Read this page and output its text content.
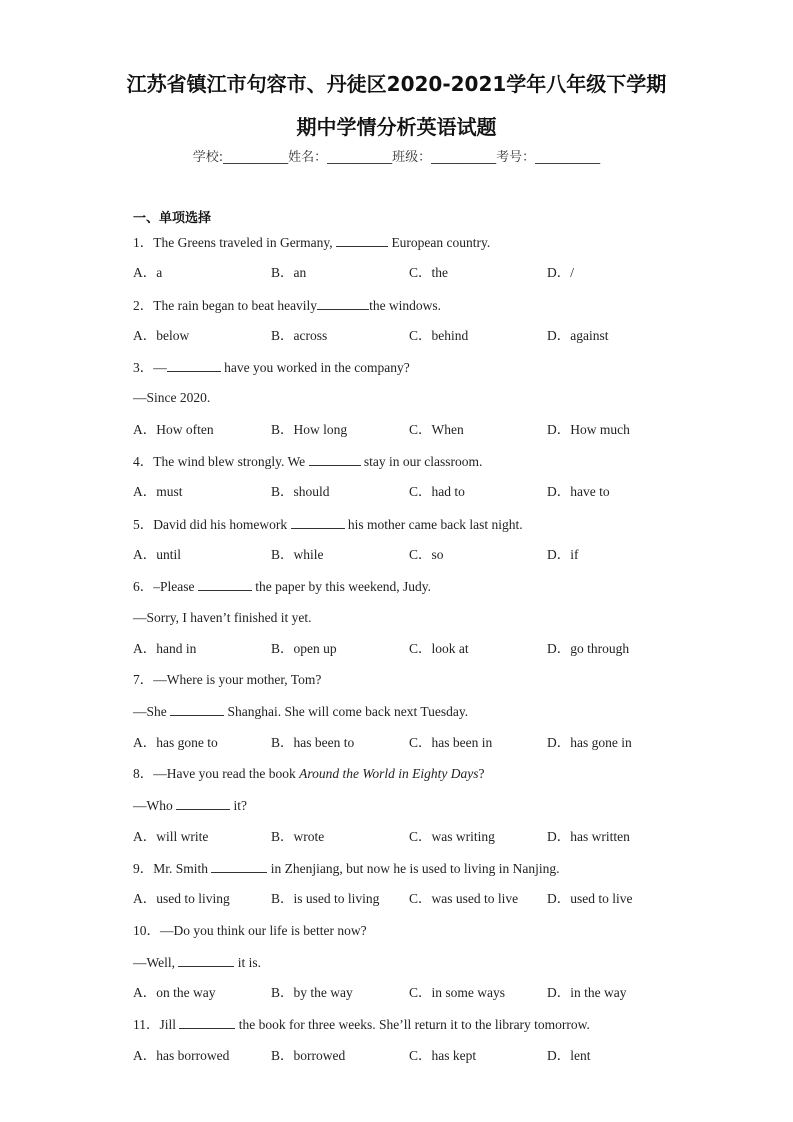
江苏省镇江市句容市、丹徒区2020-2021学年八年级下学期
期中学情分析英语试题
学校:__________姓名：__________班级：__________考号：__________
一、单项选择
1．The Greens traveled in Germany,	European country.
A．a	B．an	C．the	D．/
2．The rain began to beat heavily	the windows.
A．below	B．across	C．behind	D．against
3．—	have you worked in the company?
—Since 2020.
A．How often	B．How long	C．When	D．How much
4．The wind blew strongly. We	stay in our classroom.
A．must	B．should	C．had to	D．have to
5．David did his homework	his mother came back last night.
A．until	B．while	C．so	D．if
6．–Please	the paper by this weekend, Judy.
—Sorry, I haven’t finished it yet.
A．hand in	B．open up	C．look at	D．go through
7．—Where is your mother, Tom?
—She	Shanghai. She will come back next Tuesday.
A．has gone to	B．has been to	C．has been in	D．has gone in
8．—Have you read the book Around the World in Eighty Days?
—Who	it?
A．will write	B．wrote	C．was writing	D．has written
9．Mr. Smith	in Zhenjiang, but now he is used to living in Nanjing.
A．used to living	B．is used to living	C．was used to live	D．used to live
10．—Do you think our life is better now?
—Well,	it is.
A．on the way	B．by the way	C．in some ways	D．in the way
11．Jill	the book for three weeks. She’ll return it to the library tomorrow.
A．has borrowed	B．borrowed	C．has kept	D．lent
